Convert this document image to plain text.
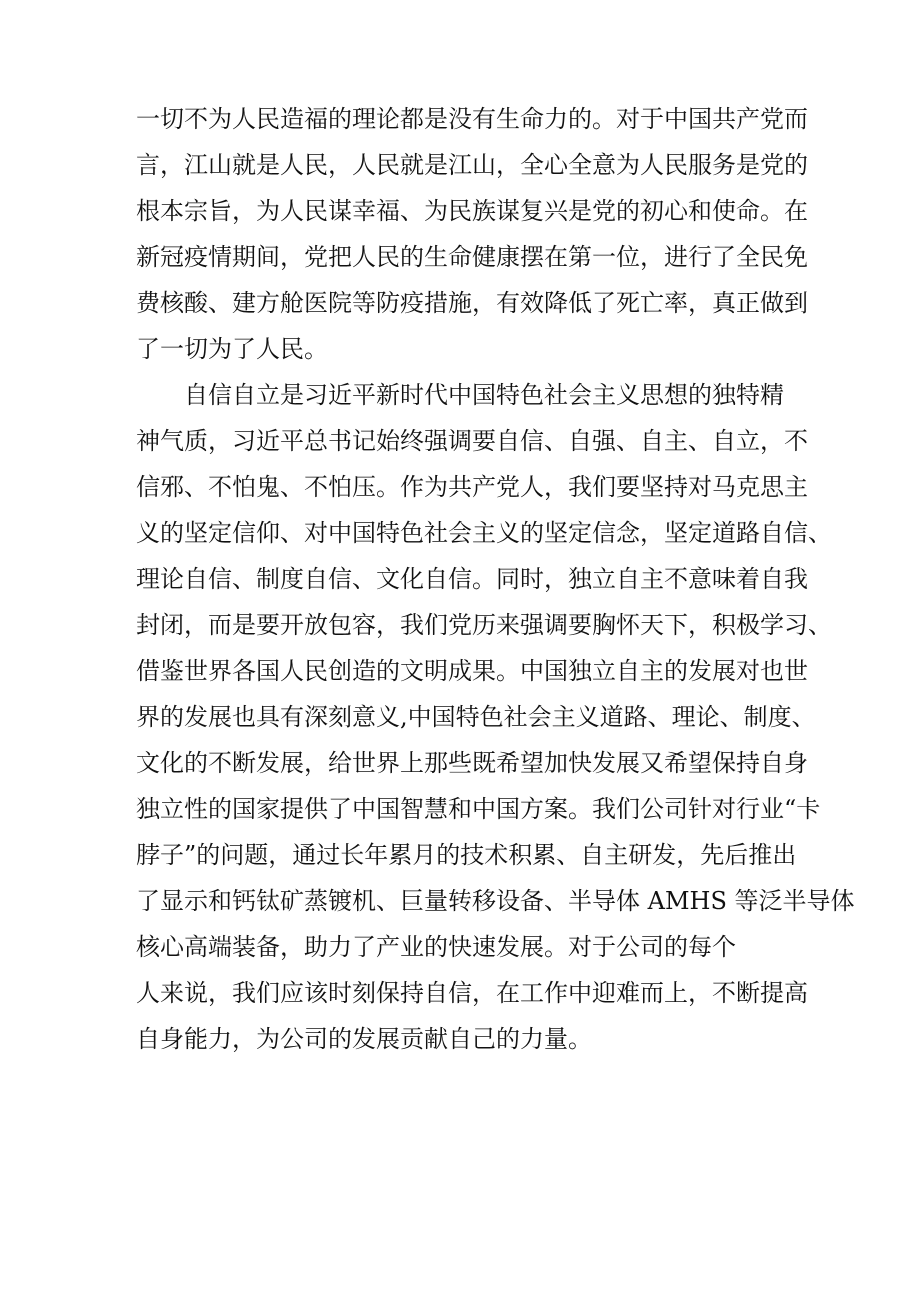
一切不为人民造福的理论都是没有生命力的。对于中国共产党而
言，江山就是人民，人民就是江山，全心全意为人民服务是党的
根本宗旨，为人民谋幸福、为民族谋复兴是党的初心和使命。在
新冠疫情期间，党把人民的生命健康摆在第一位，进行了全民免
费核酸、建方舱医院等防疫措施，有效降低了死亡率，真正做到
了一切为了人民。
自信自立是习近平新时代中国特色社会主义思想的独特精
神气质，习近平总书记始终强调要自信、自强、自主、自立，不
信邪、不怕鬼、不怕压。作为共产党人，我们要坚持对马克思主
义的坚定信仰、对中国特色社会主义的坚定信念，坚定道路自信、
理论自信、制度自信、文化自信。同时，独立自主不意味着自我
封闭，而是要开放包容，我们党历来强调要胸怀天下，积极学习、
借鉴世界各国人民创造的文明成果。中国独立自主的发展对也世
界的发展也具有深刻意义,中国特色社会主义道路、理论、制度、
文化的不断发展，给世界上那些既希望加快发展又希望保持自身
独立性的国家提供了中国智慧和中国方案。我们公司针对行业“卡
脖子”的问题，通过长年累月的技术积累、自主研发，先后推出
了显示和钙钛矿蒸镀机、巨量转移设备、半导体 AMHS 等泛半导体
核心高端装备，助力了产业的快速发展。对于公司的每个
人来说，我们应该时刻保持自信，在工作中迎难而上，不断提高
自身能力，为公司的发展贡献自己的力量。
